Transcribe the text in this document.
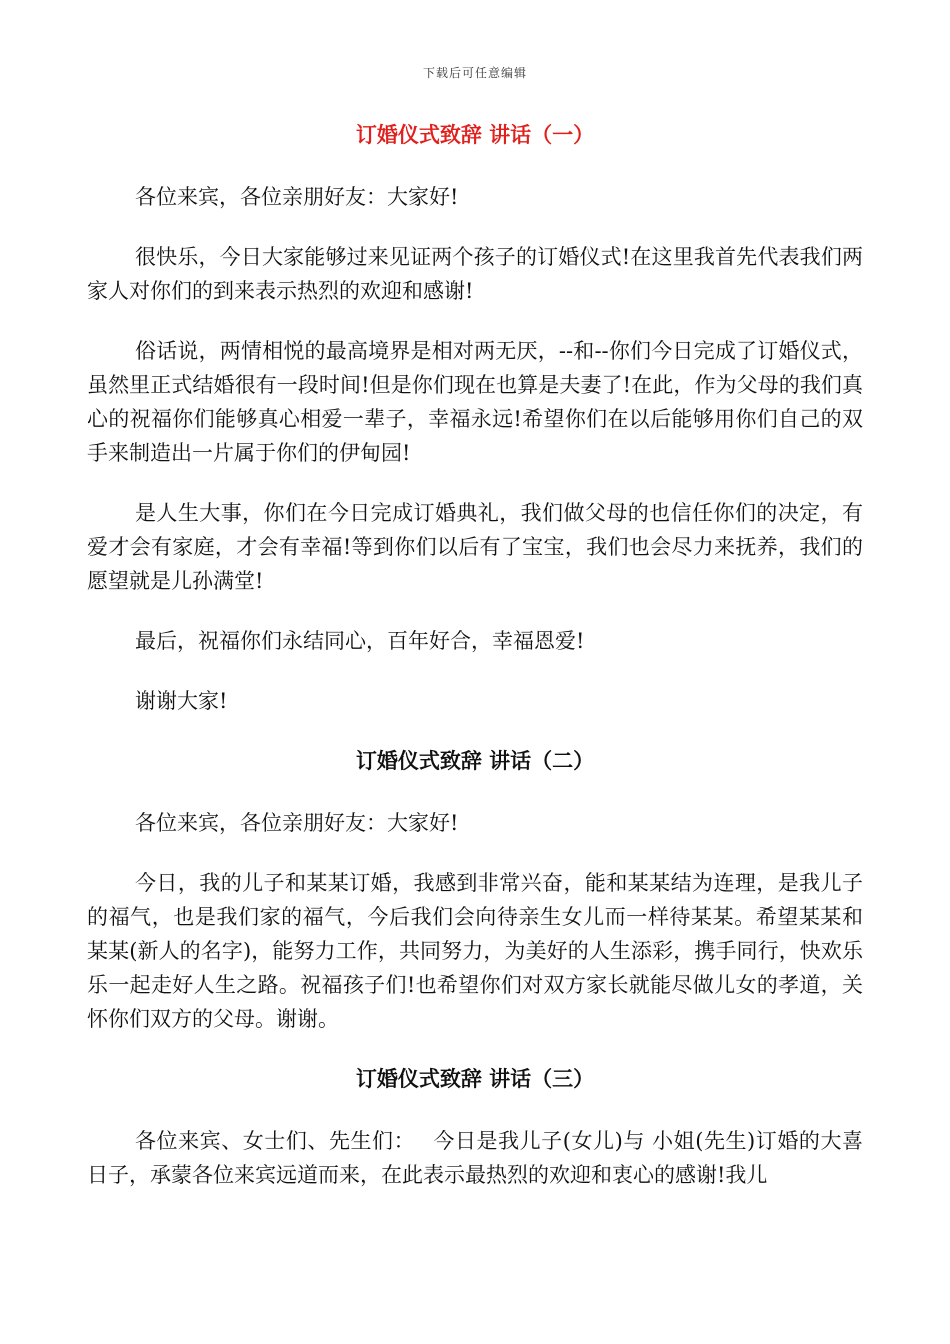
下载后可任意编辑
订婚仪式致辞 讲话（一）

各位来宾，各位亲朋好友：大家好!

很快乐，今日大家能够过来见证两个孩子的订婚仪式!在这里我首先代表我们两家人对你们的到来表示热烈的欢迎和感谢!

俗话说，两情相悦的最高境界是相对两无厌，--和--你们今日完成了订婚仪式，虽然里正式结婚很有一段时间!但是你们现在也算是夫妻了!在此，作为父母的我们真心的祝福你们能够真心相爱一辈子，幸福永远!希望你们在以后能够用你们自己的双手来制造出一片属于你们的伊甸园!

是人生大事，你们在今日完成订婚典礼，我们做父母的也信任你们的决定，有爱才会有家庭，才会有幸福!等到你们以后有了宝宝，我们也会尽力来抚养，我们的愿望就是儿孙满堂!

最后，祝福你们永结同心，百年好合，幸福恩爱!

谢谢大家!

订婚仪式致辞 讲话（二）

各位来宾，各位亲朋好友：大家好!

今日，我的儿子和某某订婚，我感到非常兴奋，能和某某结为连理，是我儿子的福气，也是我们家的福气，今后我们会向待亲生女儿而一样待某某。希望某某和某某(新人的名字)，能努力工作，共同努力，为美好的人生添彩，携手同行，快欢乐乐一起走好人生之路。祝福孩子们!也希望你们对双方家长就能尽做儿女的孝道，关怀你们双方的父母。谢谢。

订婚仪式致辞 讲话（三）

各位来宾、女士们、先生们：　 今日是我儿子(女儿)与 小姐(先生)订婚的大喜日子，承蒙各位来宾远道而来，在此表示最热烈的欢迎和衷心的感谢!我儿
